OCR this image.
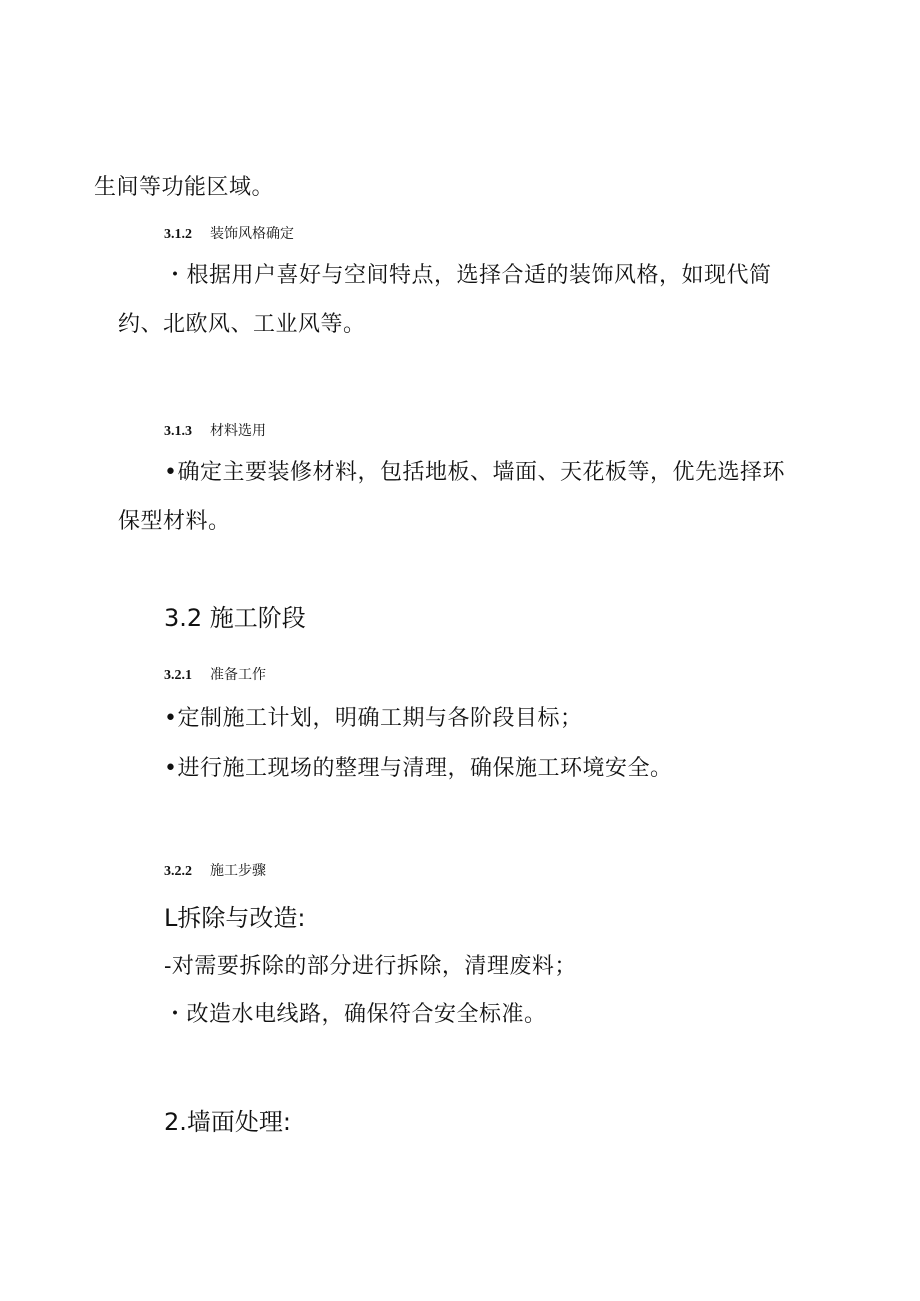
生间等功能区域。
3.1.2 装饰风格确定
・根据用户喜好与空间特点，选择合适的装饰风格，如现代简
约、北欧风、工业风等。
3.1.3 材料选用
•确定主要装修材料，包括地板、墙面、天花板等，优先选择环
保型材料。
3.2 施工阶段
3.2.1 准备工作
•定制施工计划，明确工期与各阶段目标；
•进行施工现场的整理与清理，确保施工环境安全。
3.2.2 施工步骤
L拆除与改造:
-对需要拆除的部分进行拆除，清理废料；
・改造水电线路，确保符合安全标准。
2.墙面处理:
